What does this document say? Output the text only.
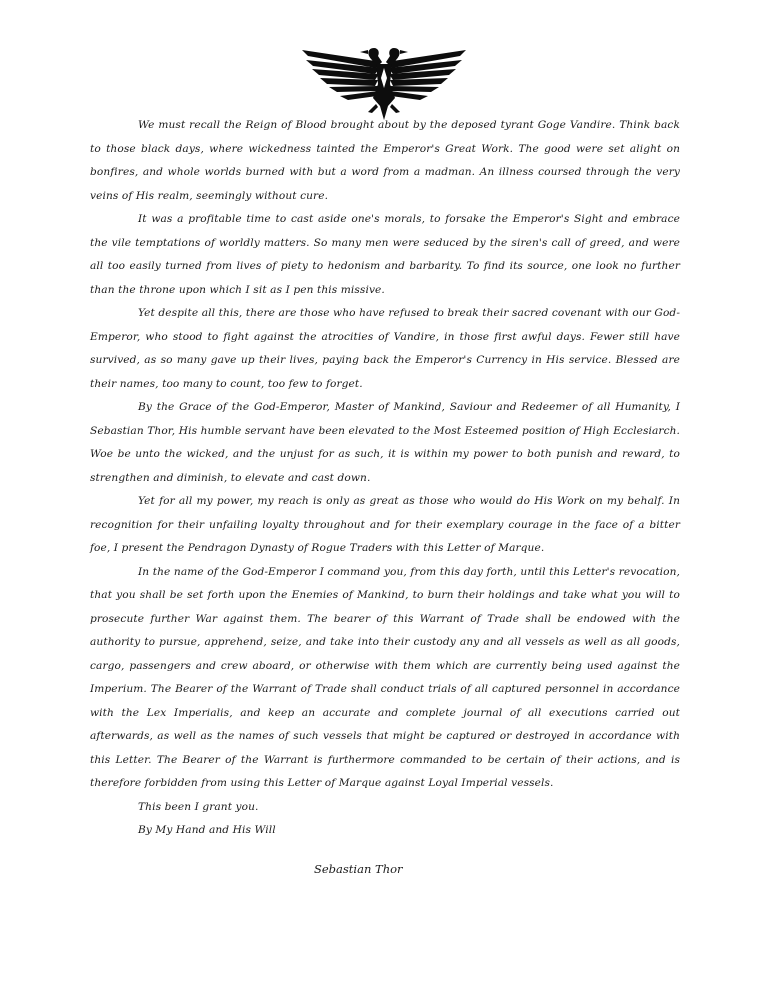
We must recall the Reign of Blood brought about by the deposed tyrant Goge Vandire. Think back to those black days, where wickedness tainted the Emperor's Great Work. The good were set alight on bonfires, and whole worlds burned with but a word from a madman. An illness coursed through the very veins of His realm, seemingly without cure.

It was a profitable time to cast aside one's morals, to forsake the Emperor's Sight and embrace the vile temptations of worldly matters. So many men were seduced by the siren's call of greed, and were all too easily turned from lives of piety to hedonism and barbarity. To find its source, one look no further than the throne upon which I sit as I pen this missive.

Yet despite all this, there are those who have refused to break their sacred covenant with our God-Emperor, who stood to fight against the atrocities of Vandire, in those first awful days. Fewer still have survived, as so many gave up their lives, paying back the Emperor's Currency in His service. Blessed are their names, too many to count, too few to forget.

By the Grace of the God-Emperor, Master of Mankind, Saviour and Redeemer of all Humanity, I Sebastian Thor, His humble servant have been elevated to the Most Esteemed position of High Ecclesiarch. Woe be unto the wicked, and the unjust for as such, it is within my power to both punish and reward, to strengthen and diminish, to elevate and cast down.

Yet for all my power, my reach is only as great as those who would do His Work on my behalf. In recognition for their unfailing loyalty throughout and for their exemplary courage in the face of a bitter foe, I present the Pendragon Dynasty of Rogue Traders with this Letter of Marque.

In the name of the God-Emperor I command you, from this day forth, until this Letter's revocation, that you shall be set forth upon the Enemies of Mankind, to burn their holdings and take what you will to prosecute further War against them. The bearer of this Warrant of Trade shall be endowed with the authority to pursue, apprehend, seize, and take into their custody any and all vessels as well as all goods, cargo, passengers and crew aboard, or otherwise with them which are currently being used against the Imperium. The Bearer of the Warrant of Trade shall conduct trials of all captured personnel in accordance with the Lex Imperialis, and keep an accurate and complete journal of all executions carried out afterwards, as well as the names of such vessels that might be captured or destroyed in accordance with this Letter. The Bearer of the Warrant is furthermore commanded to be certain of their actions, and is therefore forbidden from using this Letter of Marque against Loyal Imperial vessels.

This been I grant you.
By My Hand and His Will
Sebastian Thor
